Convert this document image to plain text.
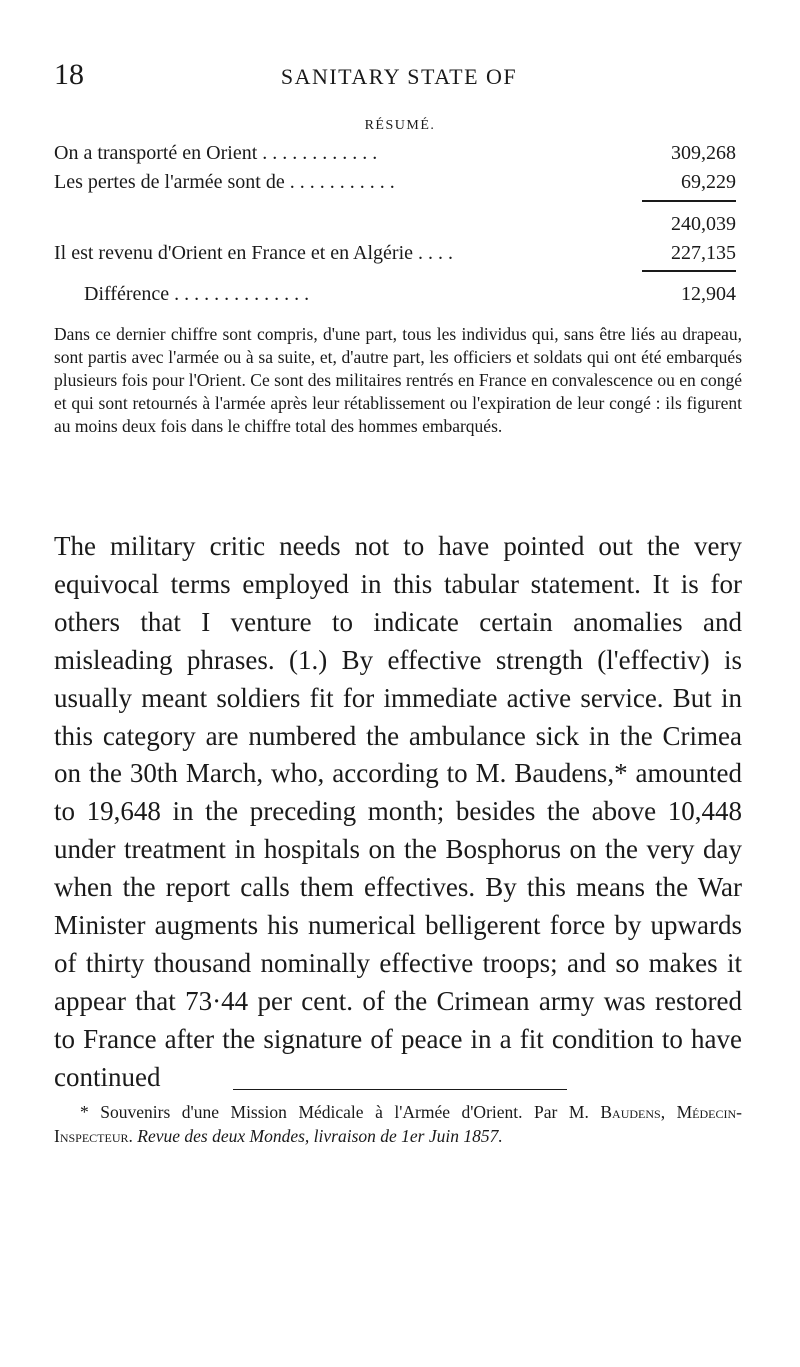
18	SANITARY STATE OF
RÉSUMÉ.
On a transporté en Orient . . . . . . . . . . . .	309,268
Les pertes de l'armée sont de . . . . . . . . . . .	69,229
240,039
Il est revenu d'Orient en France et en Algérie . . . .	227,135
Différence . . . . . . . . . . . . . .	12,904
Dans ce dernier chiffre sont compris, d'une part, tous les individus qui, sans être liés au drapeau, sont partis avec l'armée ou à sa suite, et, d'autre part, les officiers et soldats qui ont été embarqués plusieurs fois pour l'Orient. Ce sont des militaires rentrés en France en convalescence ou en congé et qui sont retournés à l'armée après leur rétablissement ou l'expiration de leur congé : ils figurent au moins deux fois dans le chiffre total des hommes embarqués.
The military critic needs not to have pointed out the very equivocal terms employed in this tabular statement. It is for others that I venture to indicate certain anomalies and misleading phrases. (1.) By effective strength (l'effectiv) is usually meant soldiers fit for immediate active service. But in this category are numbered the ambulance sick in the Crimea on the 30th March, who, according to M. Baudens,* amounted to 19,648 in the preceding month; besides the above 10,448 under treatment in hospitals on the Bosphorus on the very day when the report calls them effectives. By this means the War Minister augments his numerical belligerent force by upwards of thirty thousand nominally effective troops; and so makes it appear that 73·44 per cent. of the Crimean army was restored to France after the signature of peace in a fit condition to have continued
* Souvenirs d'une Mission Médicale à l'Armée d'Orient. Par M. Baudens, Médecin-Inspecteur. Revue des deux Mondes, livraison de 1er Juin 1857.
